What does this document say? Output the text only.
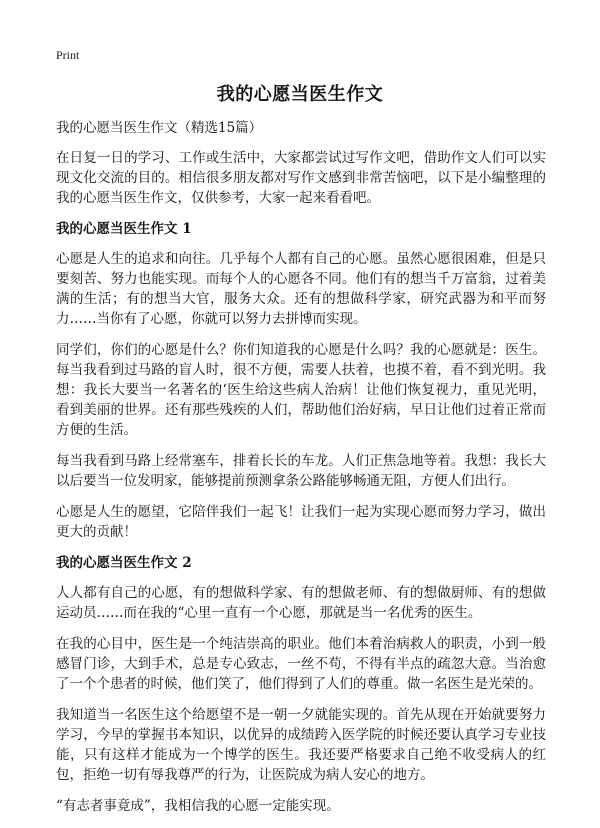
Print
我的心愿当医生作文
我的心愿当医生作文（精选15篇）

在日复一日的学习、工作或生活中，大家都尝试过写作文吧，借助作文人们可以实现文化交流的目的。相信很多朋友都对写作文感到非常苦恼吧，以下是小编整理的我的心愿当医生作文，仅供参考，大家一起来看看吧。

我的心愿当医生作文 1

心愿是人生的追求和向往。几乎每个人都有自己的心愿。虽然心愿很困难，但是只要刻苦、努力也能实现。而每个人的心愿各不同。他们有的想当千万富翁，过着美满的生活；有的想当大官，服务大众。还有的想做科学家，研究武器为和平而努力……当你有了心愿，你就可以努力去拼博而实现。

同学们，你们的心愿是什么？你们知道我的心愿是什么吗？我的心愿就是：医生。每当我看到过马路的盲人时，很不方便，需要人扶着，也摸不着，看不到光明。我想：我长大要当一名著名的‘医生给这些病人治病！让他们恢复视力，重见光明，看到美丽的世界。还有那些残疾的人们，帮助他们治好病，早日让他们过着正常而方便的生活。

每当我看到马路上经常塞车，排着长长的车龙。人们正焦急地等着。我想：我长大以后要当一位发明家，能够提前预测拿条公路能够畅通无阻，方便人们出行。

心愿是人生的愿望，它陪伴我们一起飞！让我们一起为实现心愿而努力学习，做出更大的贡献！

我的心愿当医生作文 2

人人都有自己的心愿，有的想做科学家、有的想做老师、有的想做厨师、有的想做运动员……而在我的“心里一直有一个心愿，那就是当一名优秀的医生。

在我的心目中，医生是一个纯洁崇高的职业。他们本着治病救人的职责，小到一般感冒门诊，大到手术，总是专心致志，一丝不苟，不得有半点的疏忽大意。当治愈了一个个患者的时候，他们笑了，他们得到了人们的尊重。做一名医生是光荣的。

我知道当一名医生这个给愿望不是一朝一夕就能实现的。首先从现在开始就要努力学习，今早的掌握书本知识，以优异的成绩跨入医学院的时候还要认真学习专业技能，只有这样才能成为一个博学的医生。我还要严格要求自己绝不收受病人的红包，拒绝一切有辱我尊严的行为，让医院成为病人安心的地方。

“有志者事竟成”，我相信我的心愿一定能实现。
